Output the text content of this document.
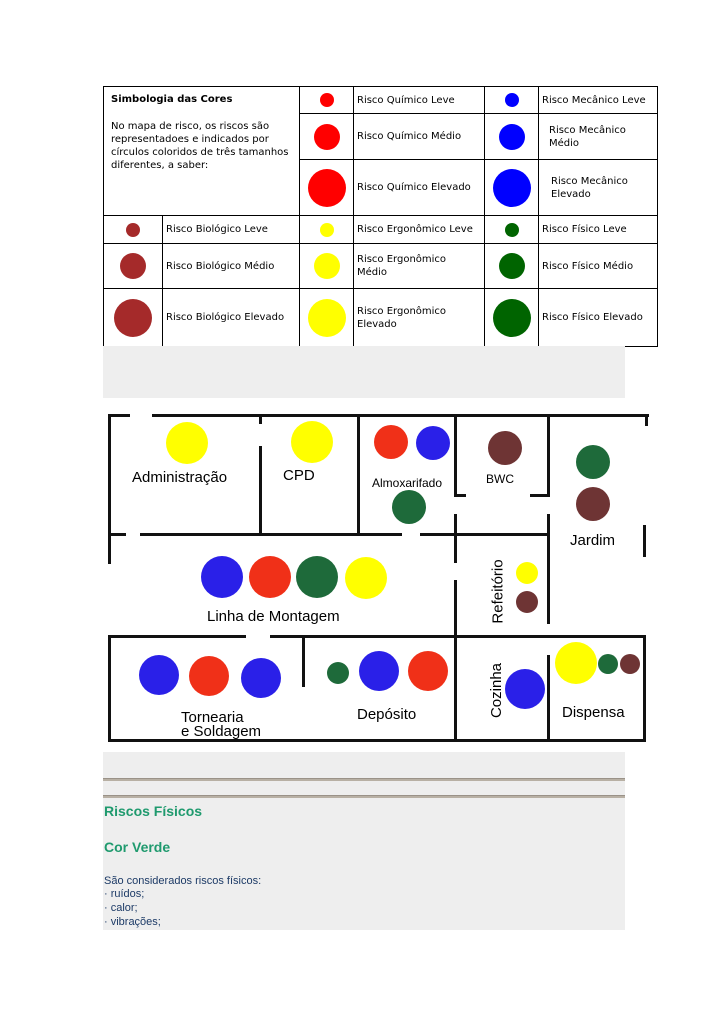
Simbologia das Cores
No mapa de risco, os riscos são representadoes e indicados por círculos coloridos de três tamanhos diferentes, a saber:			Risco Químico Leve		Risco Mecânico Leve
			Risco Químico Médio		Risco Mecânico Médio
			Risco Químico Elevado		Risco Mecânico Elevado
	Risco Biológico Leve		Risco Ergonômico Leve		Risco Físico Leve
	Risco Biológico Médio		Risco Ergonômico Médio		Risco Físico Médio
	Risco Biológico Elevado		Risco Ergonômico Elevado		Risco Físico Elevado
Administração	CPD	Almoxarifado	BWC
Jardim
Refeitório
Linha de Montagem
Tornearia
e Soldagem
Depósito	Cozinha	Dispensa
Riscos Físicos
Cor Verde
São considerados riscos físicos:
· ruídos;
· calor;
· vibrações;
